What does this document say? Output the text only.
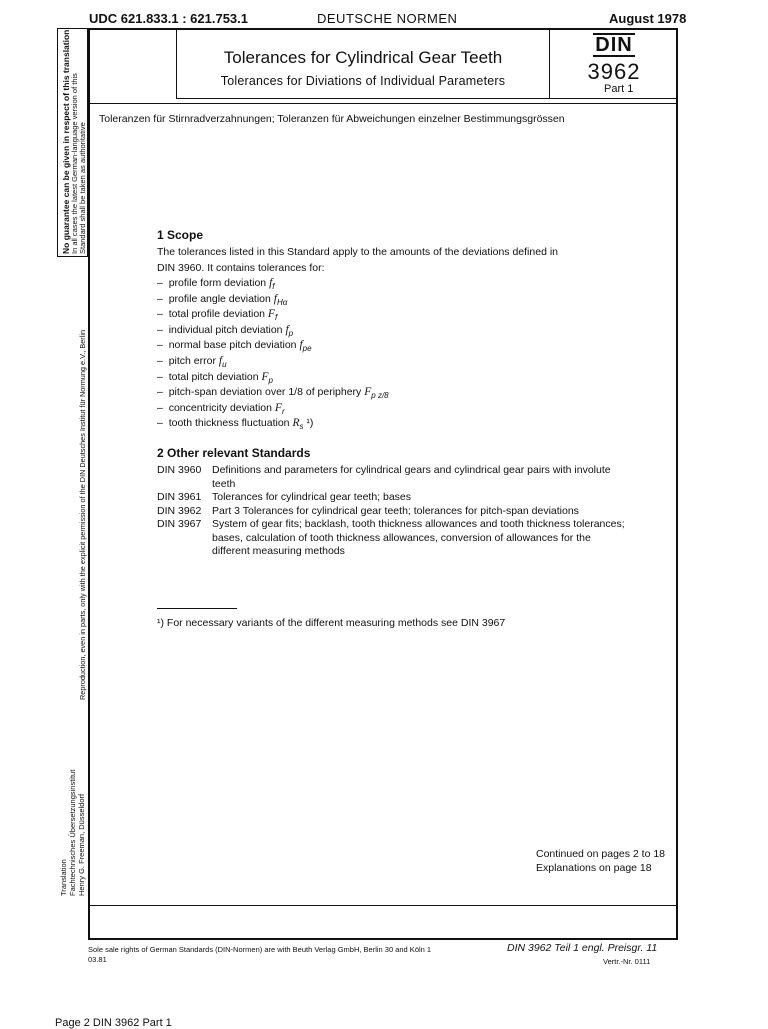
UDC 621.833.1 : 621.753.1	DEUTSCHE NORMEN	August 1978
Tolerances for Cylindrical Gear Teeth
Tolerances for Diviations of Individual Parameters
DIN
3962
Part 1
Toleranzen für Stirnradverzahnungen; Toleranzen für Abweichungen einzelner Bestimmungsgrössen
No guarantee can be given in respect of this translation. In all cases the latest German-language version of this Standard shall be taken as authoritative
Reproduction, even in parts, only with the explicit permission of the DIN Deutsches Institut für Normung e.V., Berlin
Translation Fachtechnisches Übersetzungsinstitut Henry G. Freeman, Düsseldorf
1 Scope
The tolerances listed in this Standard apply to the amounts of the deviations defined in
DIN 3960. It contains tolerances for:
–  profile form deviation $f_f$
–  profile angle deviation $f_{H\alpha}$
–  total profile deviation $F_f$
–  individual pitch deviation $f_p$
–  normal base pitch deviation $f_{pe}$
–  pitch error $f_u$
–  total pitch deviation $F_p$
–  pitch-span deviation over 1/8 of periphery $F_{p z/8}$
–  concentricity deviation $F_r$
–  tooth thickness fluctuation $R_s$ ¹)
2 Other relevant Standards
DIN 3960	Definitions and parameters for cylindrical gears and cylindrical gear pairs with involute teeth
DIN 3961	Tolerances for cylindrical gear teeth; bases
DIN 3962	Part 3 Tolerances for cylindrical gear teeth; tolerances for pitch-span deviations
DIN 3967	System of gear fits; backlash, tooth thickness allowances and tooth thickness tolerances; bases, calculation of tooth thickness allowances, conversion of allowances for the different measuring methods
¹) For necessary variants of the different measuring methods see DIN 3967
Continued on pages 2 to 18
Explanations on page 18
Sole sale rights of German Standards (DIN-Normen) are with Beuth Verlag GmbH, Berlin 30 and Köln 1
03.81
DIN 3962 Teil 1 engl. Preisgr. 11
Vertr.-Nr. 0111
Page 2 DIN 3962 Part 1
